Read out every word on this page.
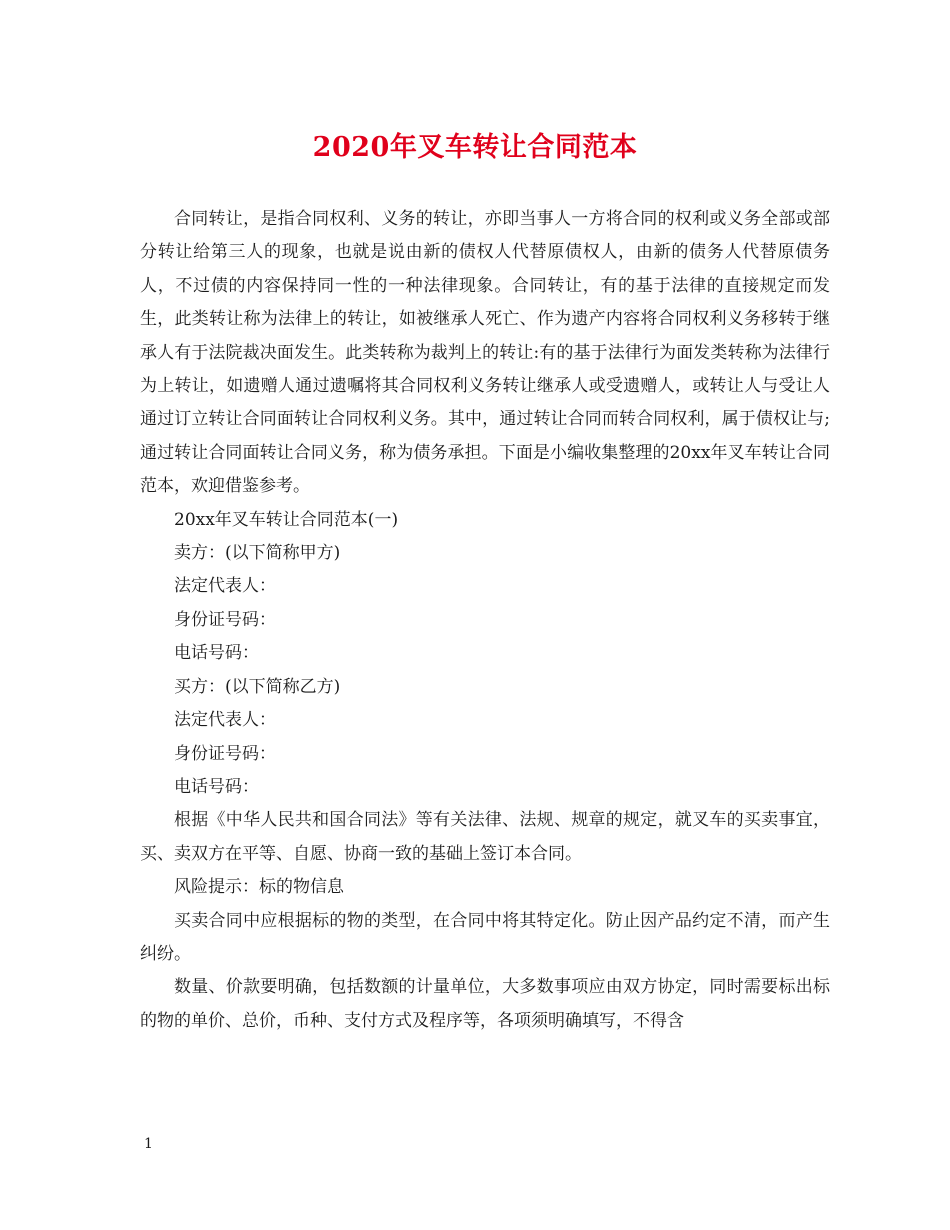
2020年叉车转让合同范本

合同转让，是指合同权利、义务的转让，亦即当事人一方将合同的权利或义务全部或部分转让给第三人的现象，也就是说由新的债权人代替原债权人，由新的债务人代替原债务人，不过债的内容保持同一性的一种法律现象。合同转让，有的基于法律的直接规定而发生，此类转让称为法律上的转让，如被继承人死亡、作为遗产内容将合同权利义务移转于继承人有于法院裁决面发生。此类转称为裁判上的转让:有的基于法律行为面发类转称为法律行为上转让，如遗赠人通过遗嘱将其合同权利义务转让继承人或受遗赠人，或转让人与受让人通过订立转让合同面转让合同权利义务。其中，通过转让合同而转合同权利，属于债权让与;通过转让合同面转让合同义务，称为债务承担。下面是小编收集整理的20xx年叉车转让合同范本，欢迎借鉴参考。

20xx年叉车转让合同范本(一)

卖方：(以下简称甲方)

法定代表人：

身份证号码：

电话号码：

买方：(以下简称乙方)

法定代表人：

身份证号码：

电话号码：

根据《中华人民共和国合同法》等有关法律、法规、规章的规定，就叉车的买卖事宜，买、卖双方在平等、自愿、协商一致的基础上签订本合同。

风险提示：标的物信息

买卖合同中应根据标的物的类型，在合同中将其特定化。防止因产品约定不清，而产生纠纷。

数量、价款要明确，包括数额的计量单位，大多数事项应由双方协定，同时需要标出标的物的单价、总价，币种、支付方式及程序等，各项须明确填写，不得含

1
